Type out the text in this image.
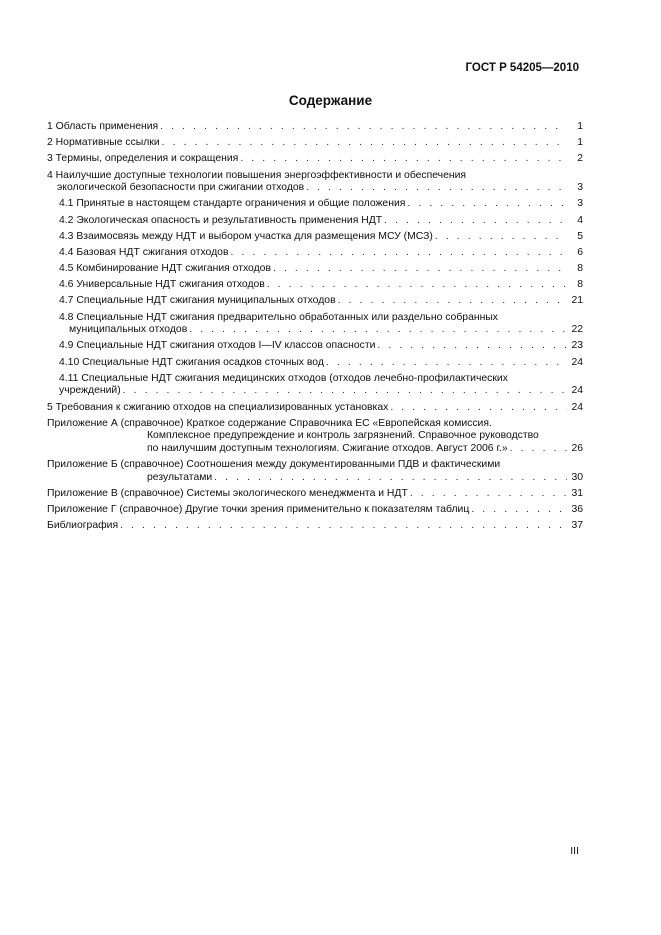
ГОСТ Р 54205—2010
Содержание
1 Область применения . . .	1
2 Нормативные ссылки . . .	1
3 Термины, определения и сокращения . . .	2
4 Наилучшие доступные технологии повышения энергоэффективности и обеспечения
экологической безопасности при сжигании отходов . . .	3
4.1 Принятые в настоящем стандарте ограничения и общие положения . . .	3
4.2 Экологическая опасность и результативность применения НДТ . . .	4
4.3 Взаимосвязь между НДТ и выбором участка для размещения МСУ (МСЗ) . . .	5
4.4 Базовая НДТ сжигания отходов . . .	6
4.5 Комбинирование НДТ сжигания отходов . . .	8
4.6 Универсальные НДТ сжигания отходов . . .	8
4.7 Специальные НДТ сжигания муниципальных отходов . . .	21
4.8 Специальные НДТ сжигания предварительно обработанных или раздельно собранных
муниципальных отходов . . .	22
4.9 Специальные НДТ сжигания отходов I—IV классов опасности . . .	23
4.10 Специальные НДТ сжигания осадков сточных вод . . .	24
4.11 Специальные НДТ сжигания медицинских отходов (отходов лечебно-профилактических
учреждений) . . .	24
5 Требования к сжиганию отходов на специализированных установках . . .	24
Приложение А (справочное) Краткое содержание Справочника ЕС «Европейская комиссия.
Комплексное предупреждение и контроль загрязнений. Справочное руководство
по наилучшим доступным технологиям. Сжигание отходов. Август 2006 г.» . . .	26
Приложение Б (справочное) Соотношения между документированными ПДВ и фактическими
результатами . . .	30
Приложение В (справочное) Системы экологического менеджмента и НДТ . . .	31
Приложение Г (справочное) Другие точки зрения применительно к показателям таблиц . . .	36
Библиография . . .	37
III
